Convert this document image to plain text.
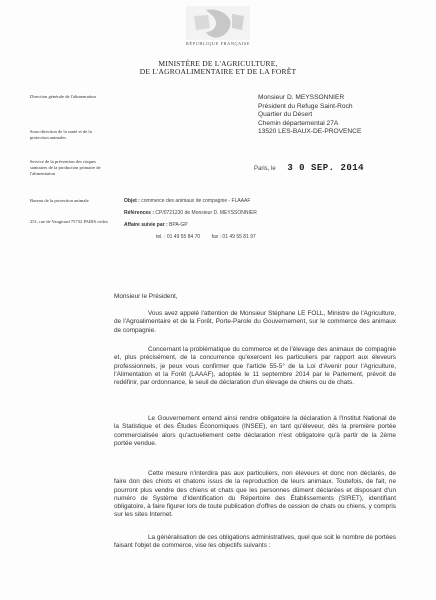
RÉPUBLIQUE FRANÇAISE
MINISTÈRE DE L'AGRICULTURE,
DE L'AGROALIMENTAIRE ET DE LA FORÊT
Direction générale de l'alimentation
Sous-direction de la santé et de la protection animales
Service de la prévention des risques sanitaires de la production primaire de l'alimentation
Bureau de la protection animale
251, rue de Vaugirard 75732 PARIS cedex
Monsieur D. MEYSSONNIER
Président du Refuge Saint-Roch
Quartier du Désert
Chemin départemental 27A
13520 LES-BAUX-DE-PROVENCE
Paris, le 3 0 SEP. 2014
Objet : commerce des animaux de compagnie - FLAAAF
Références : CP/0721230 de Monsieur D. MEYSSONNIER
Affaire suivie par : BPA-GP
tel. : 01 49 55 84 70 fax : 01 49 55 81 97
Monsieur le Président,

Vous avez appelé l'attention de Monsieur Stéphane LE FOLL, Ministre de l'Agriculture, de l'Agroalimentaire et de la Forêt, Porte-Parole du Gouvernement, sur le commerce des animaux de compagnie.

Concernant la problématique du commerce et de l'élevage des animaux de compagnie et, plus précisément, de la concurrence qu'exercent les particuliers par rapport aux éleveurs professionnels, je peux vous confirmer que l'article 55-5° de la Loi d'Avenir pour l'Agriculture, l'Alimentation et la Forêt (LAAAF), adoptée le 11 septembre 2014 par le Parlement, prévoit de redéfinir, par ordonnance, le seuil de déclaration d'un élevage de chiens ou de chats.

Le Gouvernement entend ainsi rendre obligatoire la déclaration à l'Institut National de la Statistique et des Études Économiques (INSEE), en tant qu'éleveur, dès la première portée commercialisée alors qu'actuellement cette déclaration n'est obligatoire qu'à partir de la 2ème portée vendue.

Cette mesure n'interdira pas aux particuliers, non éleveurs et donc non déclarés, de faire don des chiots et chatons issus de la reproduction de leurs animaux. Toutefois, de fait, ne pourront plus vendre des chiens et chats que les personnes dûment déclarées et disposant d'un numéro de Système d'Identification du Répertoire des Établissements (SIRET), identifiant obligatoire, à faire figurer lors de toute publication d'offres de cession de chats ou chiens, y compris sur les sites Internet.

La généralisation de ces obligations administratives, quel que soit le nombre de portées faisant l'objet de commerce, vise les objectifs suivants :
